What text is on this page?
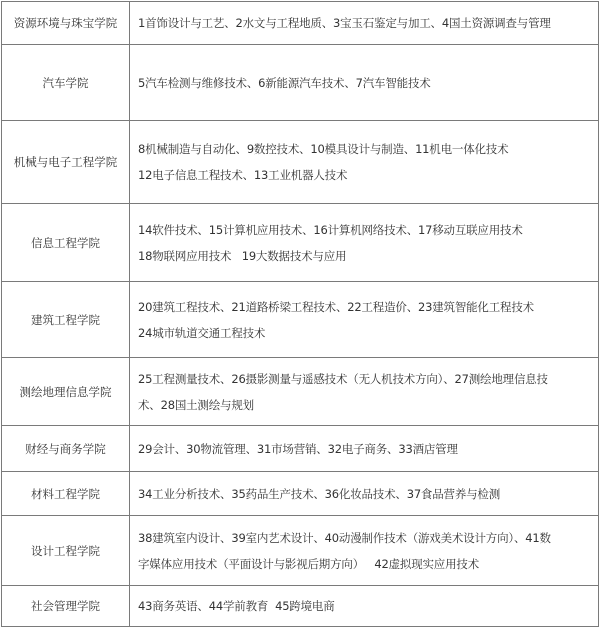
资源环境与珠宝学院	1首饰设计与工艺、2水文与工程地质、3宝玉石鉴定与加工、4国土资源调查与管理
汽车学院	5汽车检测与维修技术、6新能源汽车技术、7汽车智能技术
机械与电子工程学院	8机械制造与自动化、9数控技术、10模具设计与制造、11机电一体化技术
12电子信息工程技术、13工业机器人技术
信息工程学院	14软件技术、15计算机应用技术、16计算机网络技术、17移动互联应用技术
18物联网应用技术   19大数据技术与应用
建筑工程学院	20建筑工程技术、21道路桥梁工程技术、22工程造价、23建筑智能化工程技术
24城市轨道交通工程技术
测绘地理信息学院	25工程测量技术、26摄影测量与遥感技术（无人机技术方向）、27测绘地理信息技
术、28国土测绘与规划
财经与商务学院	29会计、30物流管理、31市场营销、32电子商务、33酒店管理
材料工程学院	34工业分析技术、35药品生产技术、36化妆品技术、37食品营养与检测
设计工程学院	38建筑室内设计、39室内艺术设计、40动漫制作技术（游戏美术设计方向）、41数
字媒体应用技术（平面设计与影视后期方向）   42虚拟现实应用技术
社会管理学院	43商务英语、44学前教育  45跨境电商
